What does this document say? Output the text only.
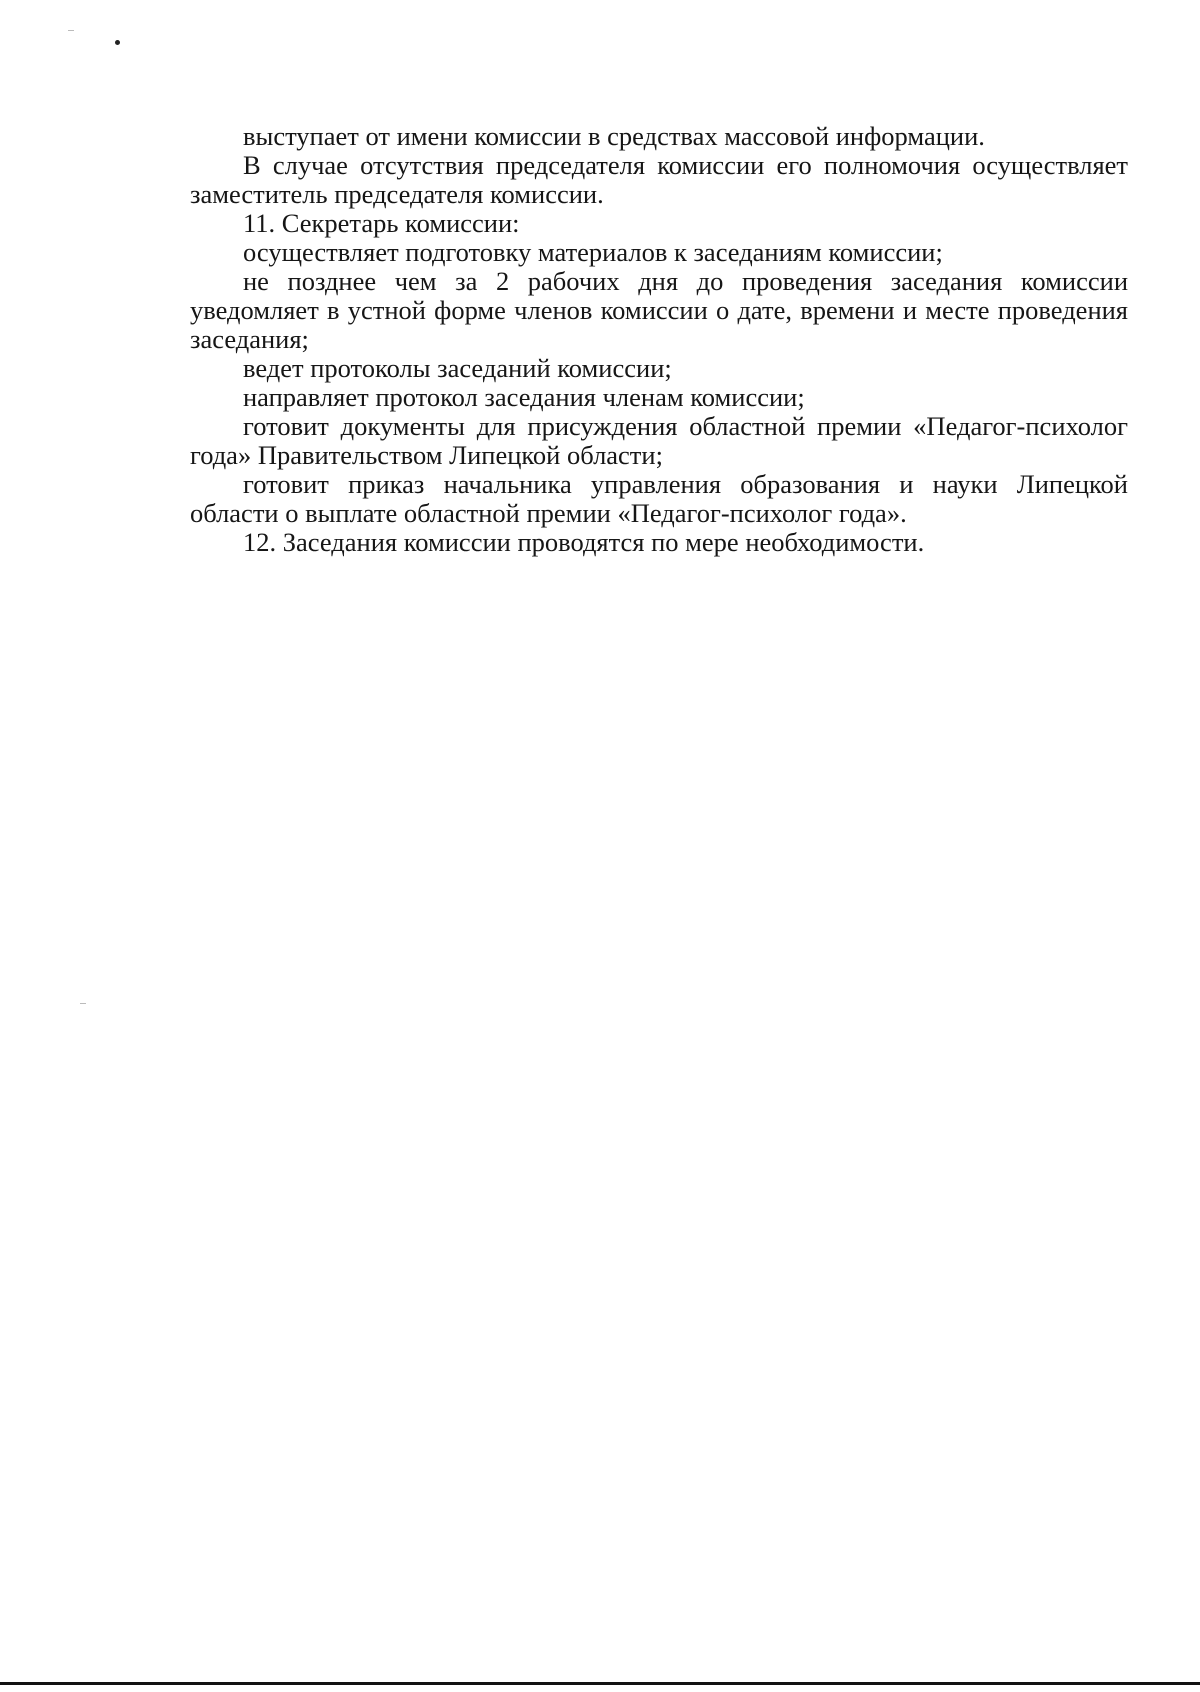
выступает от имени комиссии в средствах массовой информации.

В случае отсутствия председателя комиссии его полномочия осуществляет заместитель председателя комиссии.

11. Секретарь комиссии:

осуществляет подготовку материалов к заседаниям комиссии;

не позднее чем за 2 рабочих дня до проведения заседания комиссии уведомляет в устной форме членов комиссии о дате, времени и месте проведения заседания;

ведет протоколы заседаний комиссии;

направляет протокол заседания членам комиссии;

готовит документы для присуждения областной премии «Педагог-психолог года» Правительством Липецкой области;

готовит приказ начальника управления образования и науки Липецкой области о выплате областной премии «Педагог-психолог года».

12. Заседания комиссии проводятся по мере необходимости.
